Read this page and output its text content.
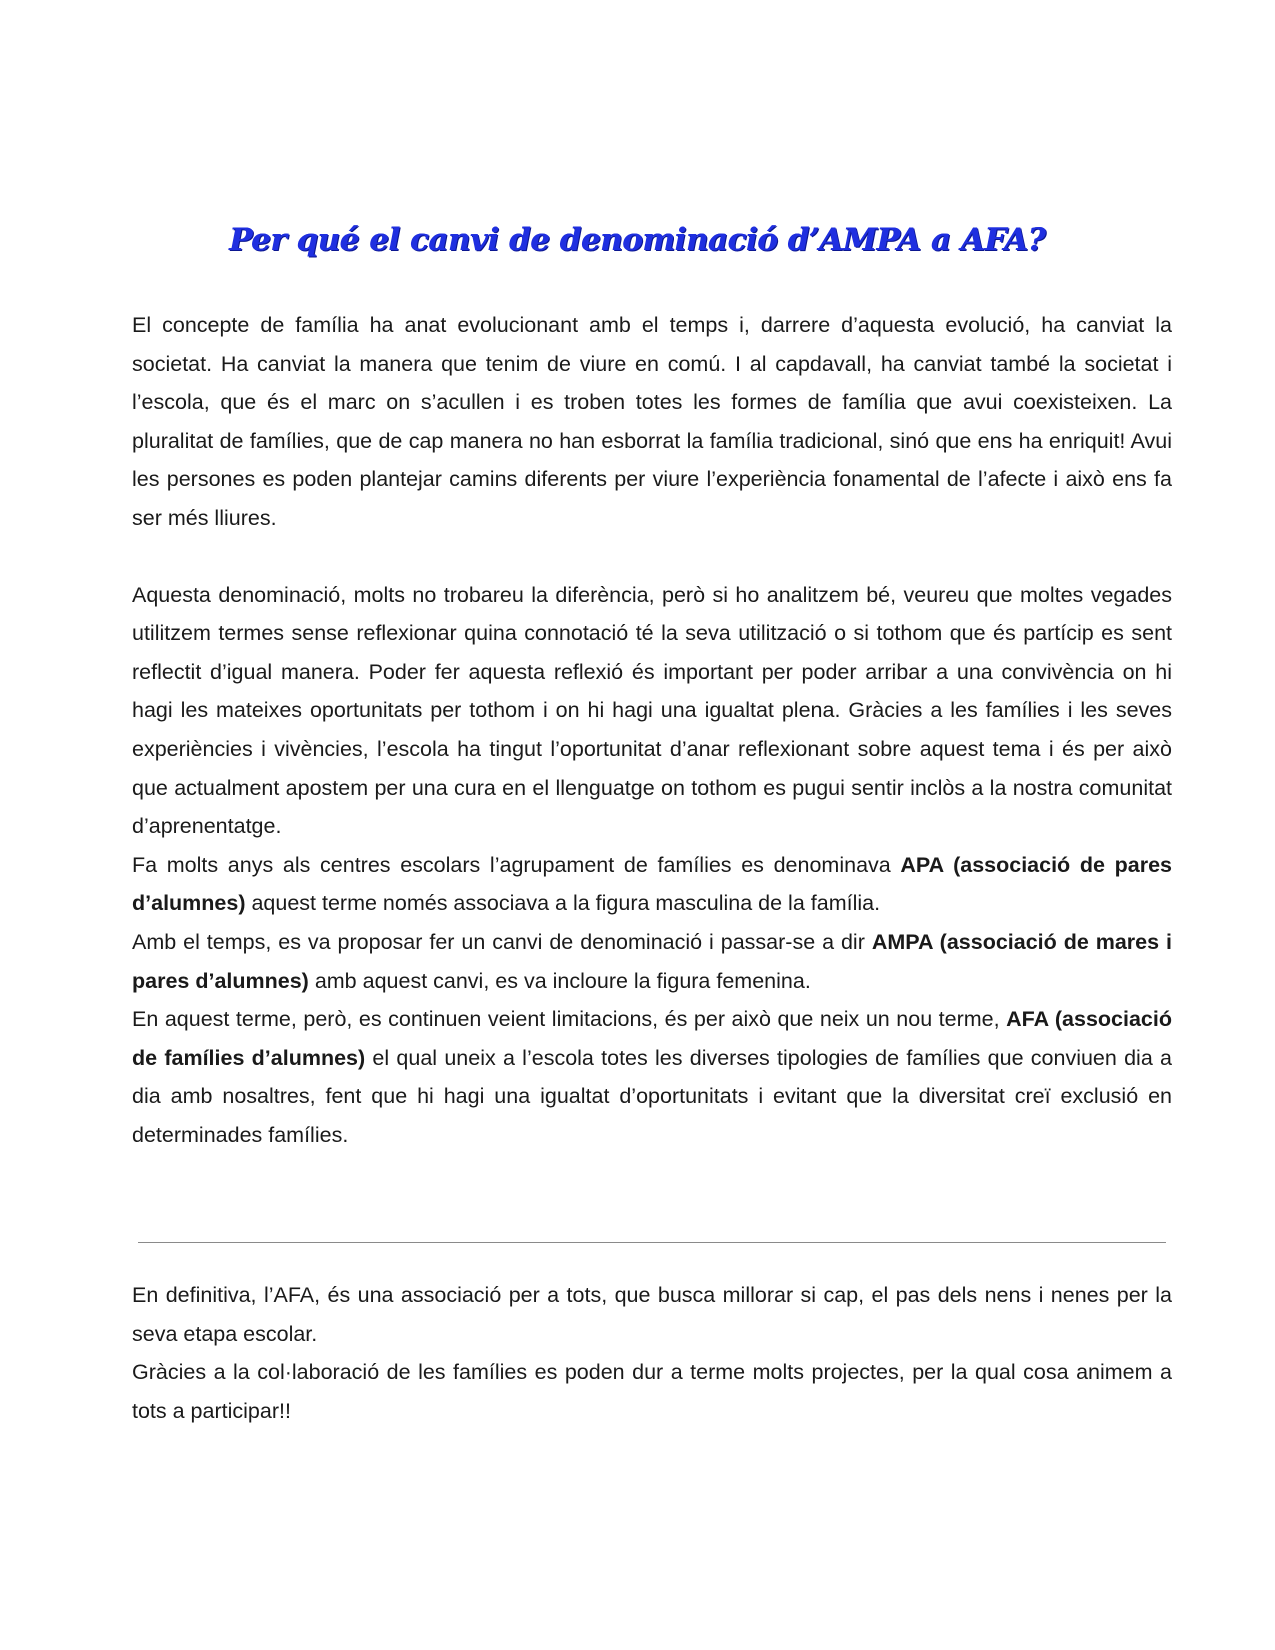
Per qué el canvi de denominació d’AMPA a AFA?

El concepte de família ha anat evolucionant amb el temps i, darrere d’aquesta evolució, ha canviat la societat. Ha canviat la manera que tenim de viure en comú. I al capdavall, ha canviat també la societat i l’escola, que és el marc on s’acullen i es troben totes les formes de família que avui coexisteixen. La pluralitat de famílies, que de cap manera no han esborrat la família tradicional, sinó que ens ha enriquit! Avui les persones es poden plantejar camins diferents per viure l’experiència fonamental de l’afecte i això ens fa ser més lliures.

Aquesta denominació, molts no trobareu la diferència, però si ho analitzem bé, veureu que moltes vegades utilitzem termes sense reflexionar quina connotació té la seva utilització o si tothom que és partícip es sent reflectit d’igual manera. Poder fer aquesta reflexió és important per poder arribar a una convivència on hi hagi les mateixes oportunitats per tothom i on hi hagi una igualtat plena. Gràcies a les famílies i les seves experiències i vivències, l’escola ha tingut l’oportunitat d’anar reflexionant sobre aquest tema i és per això que actualment apostem per una cura en el llenguatge on tothom es pugui sentir inclòs a la nostra comunitat d’aprenentatge.

Fa molts anys als centres escolars l’agrupament de famílies es denominava APA (associació de pares d’alumnes) aquest terme només associava a la figura masculina de la família.

Amb el temps, es va proposar fer un canvi de denominació i passar-se a dir AMPA (associació de mares i pares d’alumnes) amb aquest canvi, es va incloure la figura femenina.

En aquest terme, però, es continuen veient limitacions, és per això que neix un nou terme, AFA (associació de famílies d’alumnes) el qual uneix a l’escola totes les diverses tipologies de famílies que conviuen dia a dia amb nosaltres, fent que hi hagi una igualtat d’oportunitats i evitant que la diversitat creï exclusió en determinades famílies.

En definitiva, l’AFA, és una associació per a tots, que busca millorar si cap, el pas dels nens i nenes per la seva etapa escolar.

Gràcies a la col·laboració de les famílies es poden dur a terme molts projectes, per la qual cosa animem a tots a participar!!
